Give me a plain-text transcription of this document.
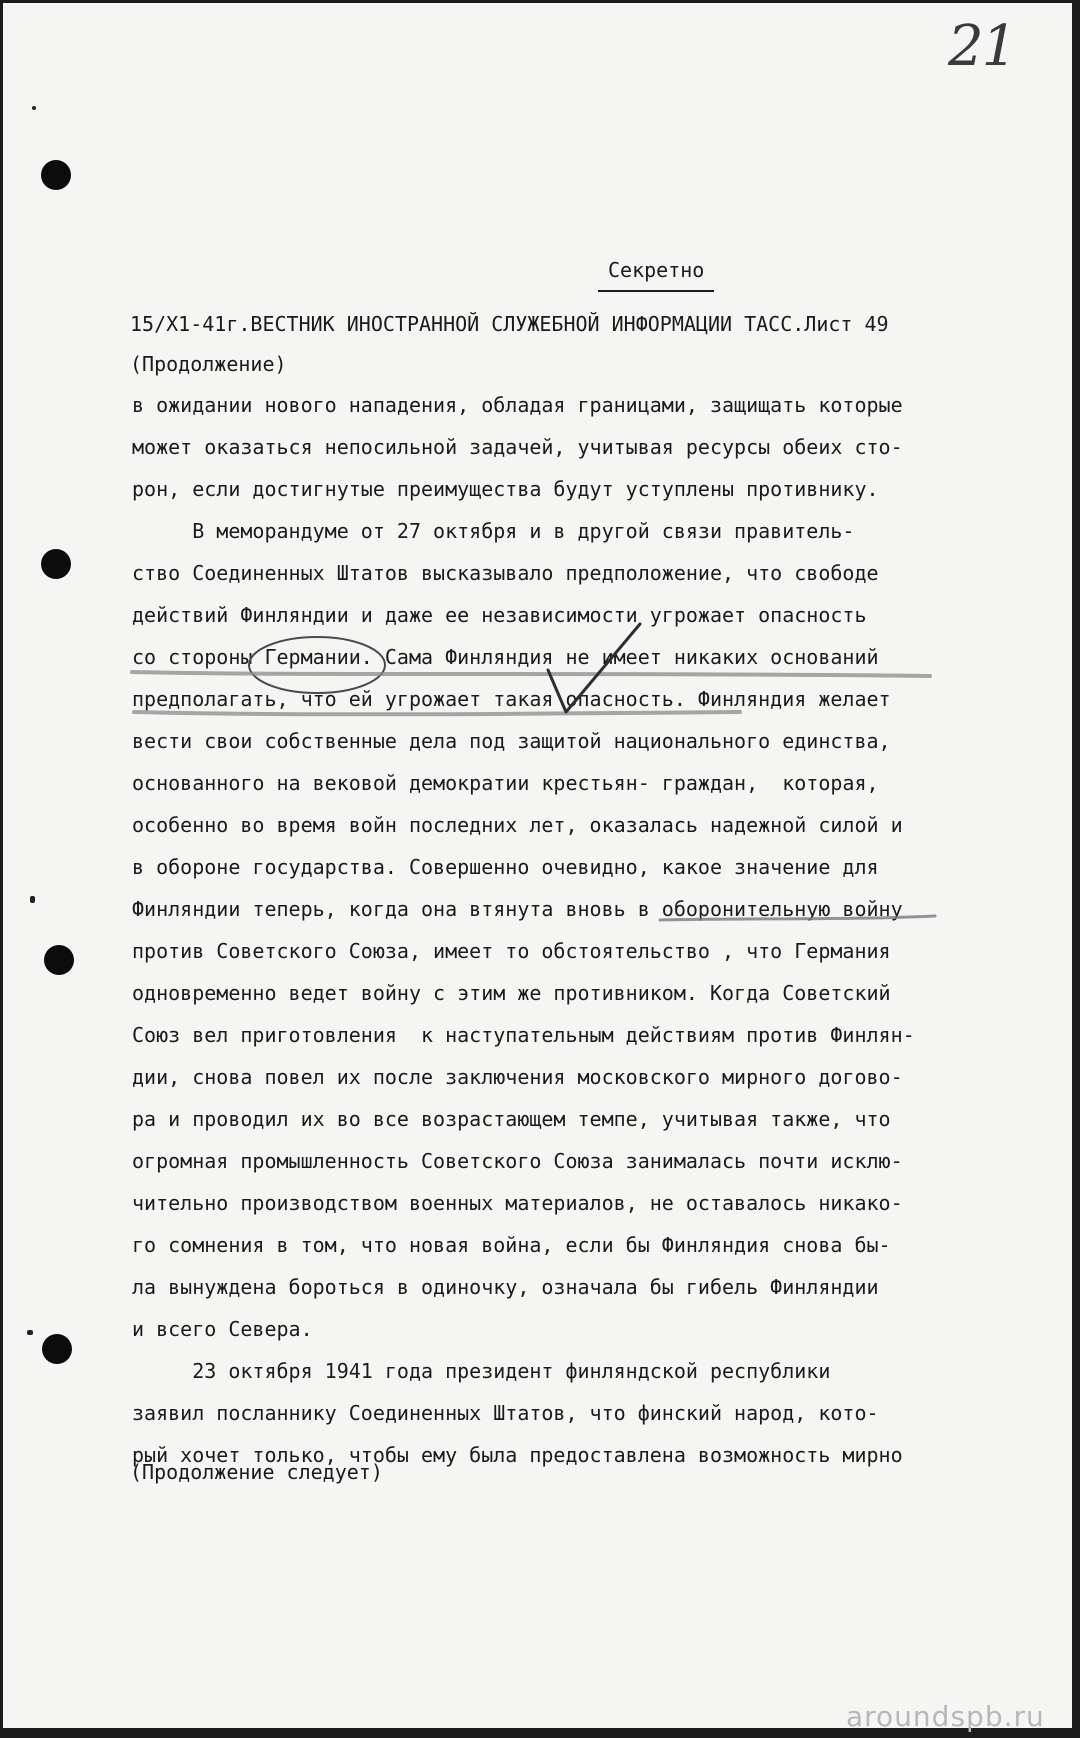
21
Секретно
15/Х1-41г.ВЕСТНИК ИНОСТРАННОЙ СЛУЖЕБНОЙ ИНФОРМАЦИИ ТАСС.Лист 49
(Продолжение)
в ожидании нового нападения, обладая границами, защищать которые
может оказаться непосильной задачей, учитывая ресурсы обеих сто-
рон, если достигнутые преимущества будут уступлены противнику.
В меморандуме от 27 октября и в другой связи правитель-
ство Соединенных Штатов высказывало предположение, что свободе
действий Финляндии и даже ее независимости угрожает опасность
со стороны Германии. Сама Финляндия не имеет никаких оснований
предполагать, что ей угрожает такая опасность. Финляндия желает
вести свои собственные дела под защитой национального единства,
основанного на вековой демократии крестьян- граждан,  которая,
особенно во время войн последних лет, оказалась надежной силой и
в обороне государства. Совершенно очевидно, какое значение для
Финляндии теперь, когда она втянута вновь в оборонительную войну
против Советского Союза, имеет то обстоятельство , что Германия
одновременно ведет войну с этим же противником. Когда Советский
Союз вел приготовления  к наступательным действиям против Финлян-
дии, снова повел их после заключения московского мирного догово-
ра и проводил их во все возрастающем темпе, учитывая также, что
огромная промышленность Советского Союза занималась почти исклю-
чительно производством военных материалов, не оставалось никако-
го сомнения в том, что новая война, если бы Финляндия снова бы-
ла вынуждена бороться в одиночку, означала бы гибель Финляндии
и всего Севера.
23 октября 1941 года президент финляндской республики
заявил посланнику Соединенных Штатов, что финский народ, кото-
рый хочет только, чтобы ему была предоставлена возможность мирно
(Продолжение следует)
aroundspb.ru
